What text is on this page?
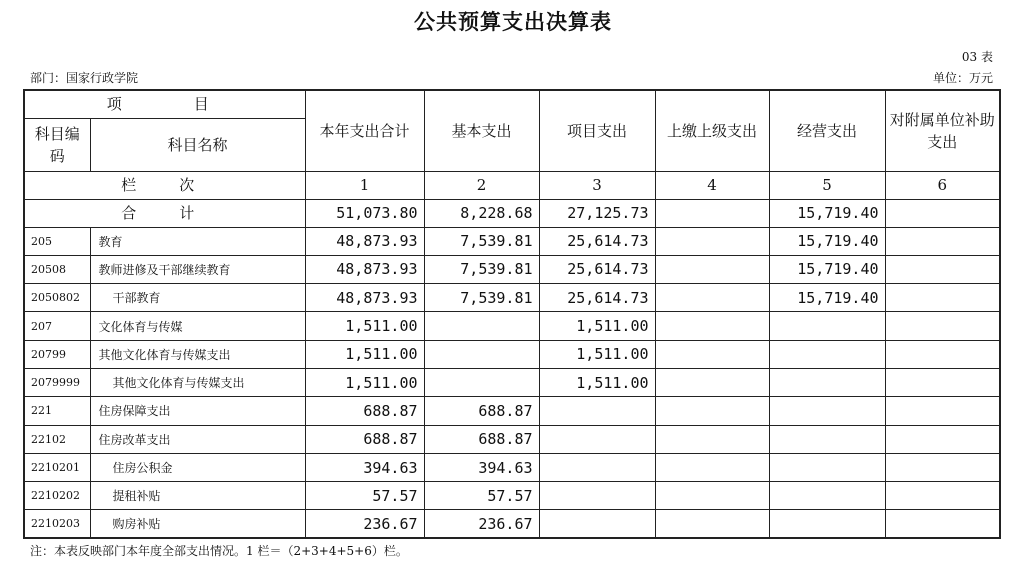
公共预算支出决算表
03 表
部门：国家行政学院	单位：万元
项　　目		本年支出合计	基本支出	项目支出	上缴上级支出	经营支出	对附属单位补助支出
科目编码	科目名称						
栏　次		1	2	3	4	5	6
合　计		51,073.80	8,228.68	27,125.73		15,719.40	
205	教育	48,873.93	7,539.81	25,614.73		15,719.40	
20508	教师进修及干部继续教育	48,873.93	7,539.81	25,614.73		15,719.40	
2050802	干部教育	48,873.93	7,539.81	25,614.73		15,719.40	
207	文化体育与传媒	1,511.00		1,511.00			
20799	其他文化体育与传媒支出	1,511.00		1,511.00			
2079999	其他文化体育与传媒支出	1,511.00		1,511.00			
221	住房保障支出	688.87	688.87				
22102	住房改革支出	688.87	688.87				
2210201	住房公积金	394.63	394.63				
2210202	提租补贴	57.57	57.57				
2210203	购房补贴	236.67	236.67				
注：本表反映部门本年度全部支出情况。1 栏＝（2+3+4+5+6）栏。
